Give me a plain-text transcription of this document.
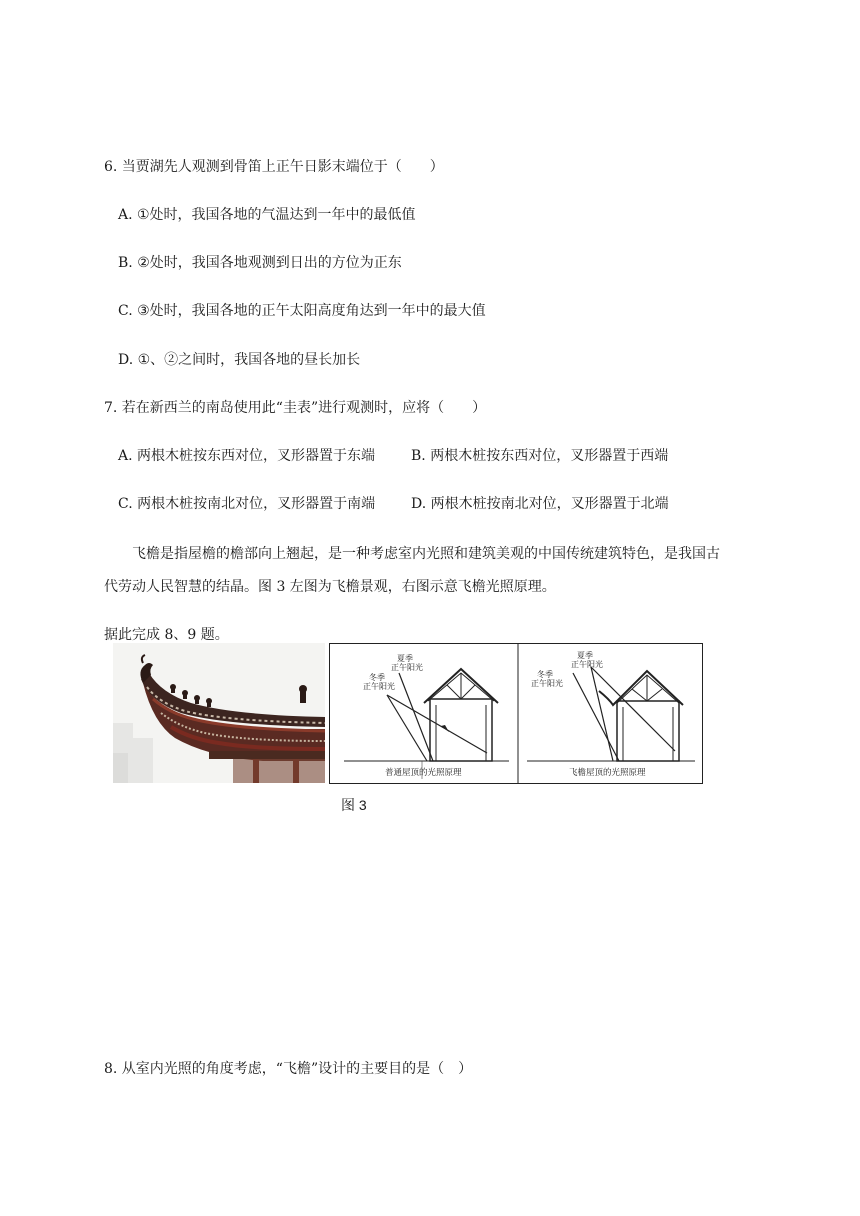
6. 当贾湖先人观测到骨笛上正午日影末端位于（　　）
A. ①处时，我国各地的气温达到一年中的最低值
B. ②处时，我国各地观测到日出的方位为正东
C. ③处时，我国各地的正午太阳高度角达到一年中的最大值
D. ①、②之间时，我国各地的昼长加长
7. 若在新西兰的南岛使用此“圭表”进行观测时，应将（　　）
A. 两根木桩按东西对位，叉形器置于东端	B. 两根木桩按东西对位，叉形器置于西端
C. 两根木桩按南北对位，叉形器置于南端	D. 两根木桩按南北对位，叉形器置于北端
飞檐是指屋檐的檐部向上翘起，是一种考虑室内光照和建筑美观的中国传统建筑特色，是我国古
代劳动人民智慧的结晶。图 3 左图为飞檐景观，右图示意飞檐光照原理。
据此完成 8、9 题。
夏季
正午阳光
冬季
正午阳光
普通屋顶的光照原理
夏季
正午阳光
冬季
正午阳光
飞檐屋顶的光照原理
图 3
8. 从室内光照的角度考虑，“飞檐”设计的主要目的是（　）
